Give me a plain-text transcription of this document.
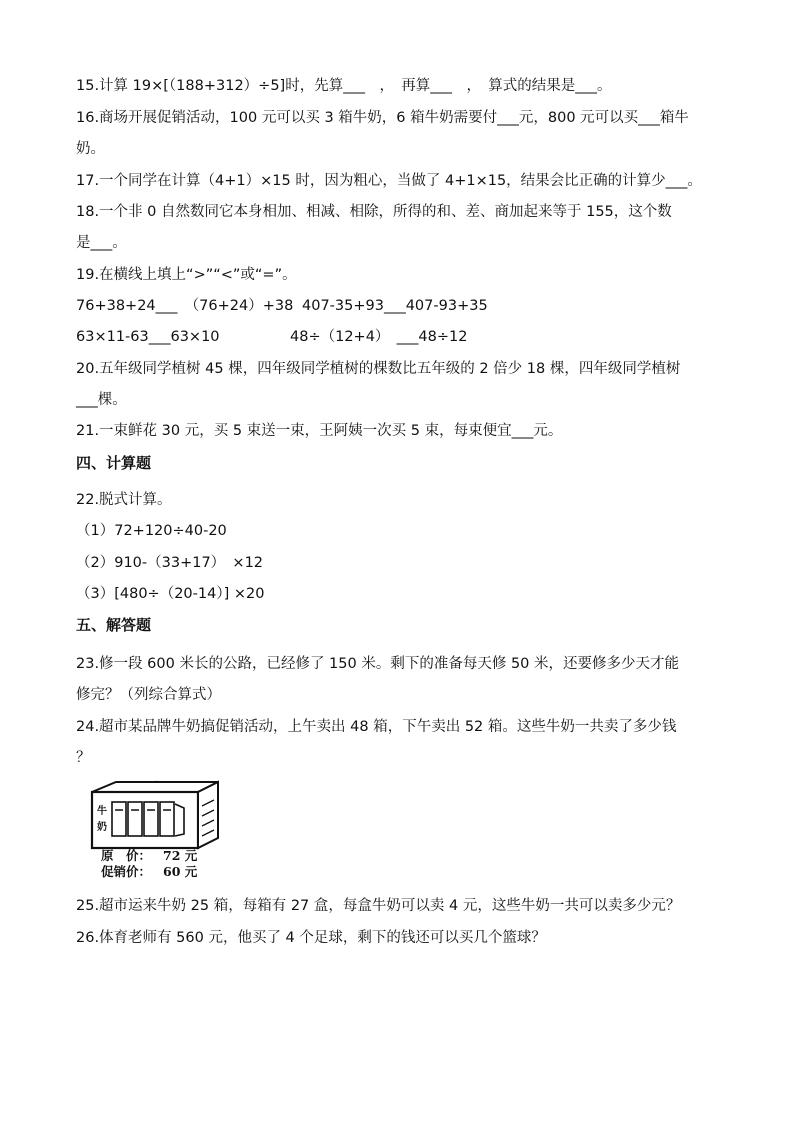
15.计算 19×[（188+312）÷5]时，先算___　，　再算___　，　算式的结果是___。
16.商场开展促销活动，100 元可以买 3 箱牛奶，6 箱牛奶需要付___元，800 元可以买___箱牛
奶。
17.一个同学在计算（4+1）×15 时，因为粗心，当做了 4+1×15，结果会比正确的计算少___。
18.一个非 0 自然数同它本身相加、相减、相除，所得的和、差、商加起来等于 155，这个数
是___。
19.在横线上填上“>”“<”或“=”。
76+38+24___　（76+24）+38 407-35+93___407-93+35
63×11-63___63×10	48÷（12+4）　___48÷12
20.五年级同学植树 45 棵，四年级同学植树的棵数比五年级的 2 倍少 18 棵，四年级同学植树
___棵。
21.一束鲜花 30 元，买 5 束送一束，王阿姨一次买 5 束，每束便宜___元。
四、计算题
22.脱式计算。
（1）72+120÷40-20
（2）910-（33+17）　×12
（3）[480÷（20-14）] ×20
五、解答题
23.修一段 600 米长的公路，已经修了 150 米。剩下的准备每天修 50 米，还要修多少天才能
修完？（列综合算式）
24.超市某品牌牛奶搞促销活动，上午卖出 48 箱，下午卖出 52 箱。这些牛奶一共卖了多少钱
？
牛
奶
原　价： 72 元
促销价： 60 元
25.超市运来牛奶 25 箱，每箱有 27 盒，每盒牛奶可以卖 4 元，这些牛奶一共可以卖多少元？
26.体育老师有 560 元，他买了 4 个足球，剩下的钱还可以买几个篮球？
